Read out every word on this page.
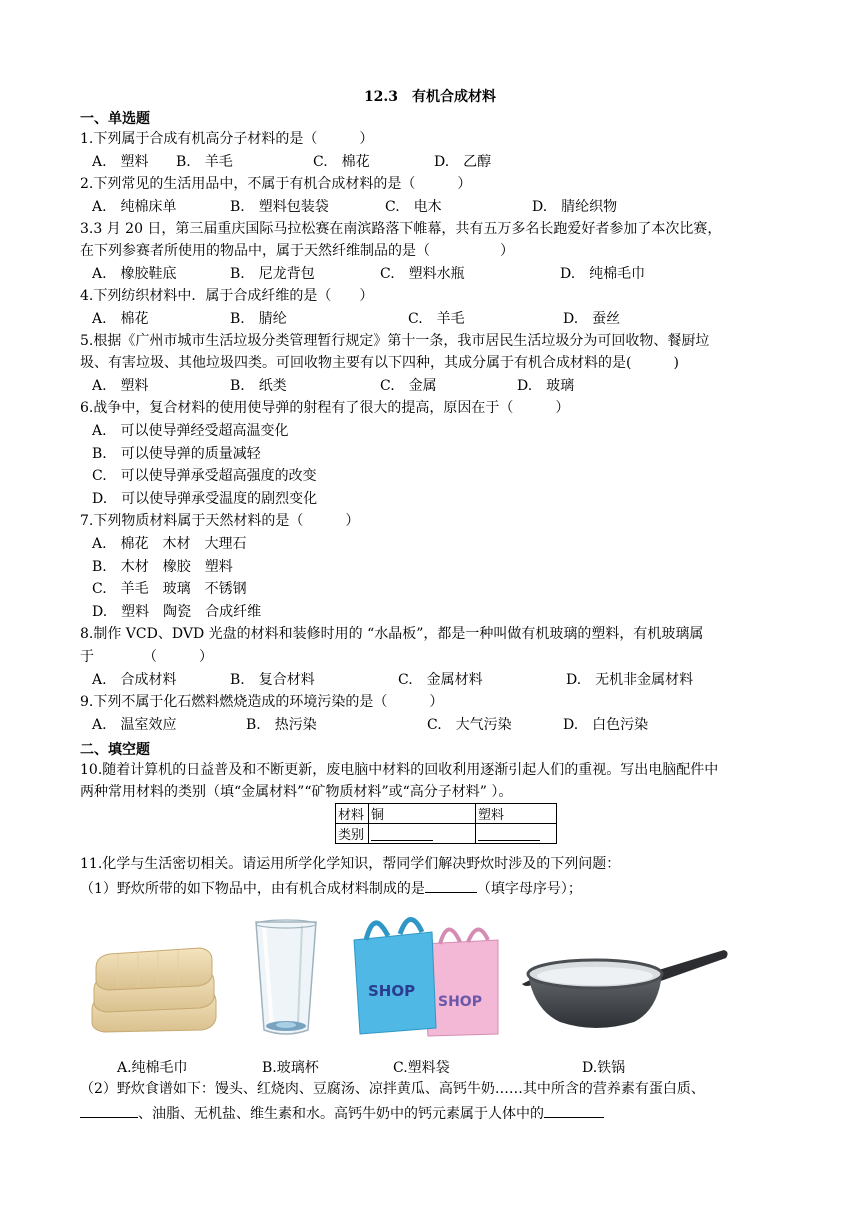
12.3　有机合成材料
一、单选题
1.下列属于合成有机高分子材料的是（　　　）
A.　塑料 B.　羊毛	C.　棉花	D.　乙醇
2.下列常见的生活用品中，不属于有机合成材料的是（　　　）
A.　纯棉床单	B.　塑料包装袋	C.　电木	D.　腈纶织物
3.3 月 20 日，第三届重庆国际马拉松赛在南滨路落下帷幕，共有五万多名长跑爱好者参加了本次比赛，
在下列参赛者所使用的物品中，属于天然纤维制品的是（　　　　　）
A.　橡胶鞋底	B.　尼龙背包	C.　塑料水瓶	D.　纯棉毛巾
4.下列纺织材料中．属于合成纤维的是（　　）
A.　棉花	B.　腈纶	C.　羊毛	D.　蚕丝
5.根据《广州市城市生活垃圾分类管理暂行规定》第十一条，我市居民生活垃圾分为可回收物、餐厨垃
圾、有害垃圾、其他垃圾四类。可回收物主要有以下四种，其成分属于有机合成材料的是(　　　)
A.　塑料	B.　纸类	C.　金属	D.　玻璃
6.战争中，复合材料的使用使导弹的射程有了很大的提高，原因在于（　　　）
A.　可以使导弹经受超高温变化
B.　可以使导弹的质量减轻
C.　可以使导弹承受超高强度的改变
D.　可以使导弹承受温度的剧烈变化
7.下列物质材料属于天然材料的是（　　　）
A.　棉花　木材　大理石
B.　木材　橡胶　塑料
C.　羊毛　玻璃　不锈钢
D.　塑料　陶瓷　合成纤维
8.制作 VCD、DVD 光盘的材料和装修时用的 “水晶板”，都是一种叫做有机玻璃的塑料，有机玻璃属
于　　　　（　　　）
A.　合成材料	B.　复合材料	C.　金属材料	D.　无机非金属材料
9.下列不属于化石燃料燃烧造成的环境污染的是（　　　）
A.　温室效应	B.　热污染	C.　大气污染	D.　白色污染
二、填空题
10.随着计算机的日益普及和不断更新，废电脑中材料的回收利用逐渐引起人们的重视。写出电脑配件中
两种常用材料的类别（填“金属材料”“矿物质材料”或“高分子材料” ）。
材料	铜	塑料
类别		
11.化学与生活密切相关。请运用所学化学知识，帮同学们解决野炊时涉及的下列问题：
（1）野炊所带的如下物品中，由有机合成材料制成的是	（填字母序号）；
SHOP
SHOP
A.纯棉毛巾	B.玻璃杯	C.塑料袋	D.铁锅
（2）野炊食谱如下：馒头、红烧肉、豆腐汤、凉拌黄瓜、高钙牛奶……其中所含的营养素有蛋白质、
、油脂、无机盐、维生素和水。高钙牛奶中的钙元素属于人体中的
